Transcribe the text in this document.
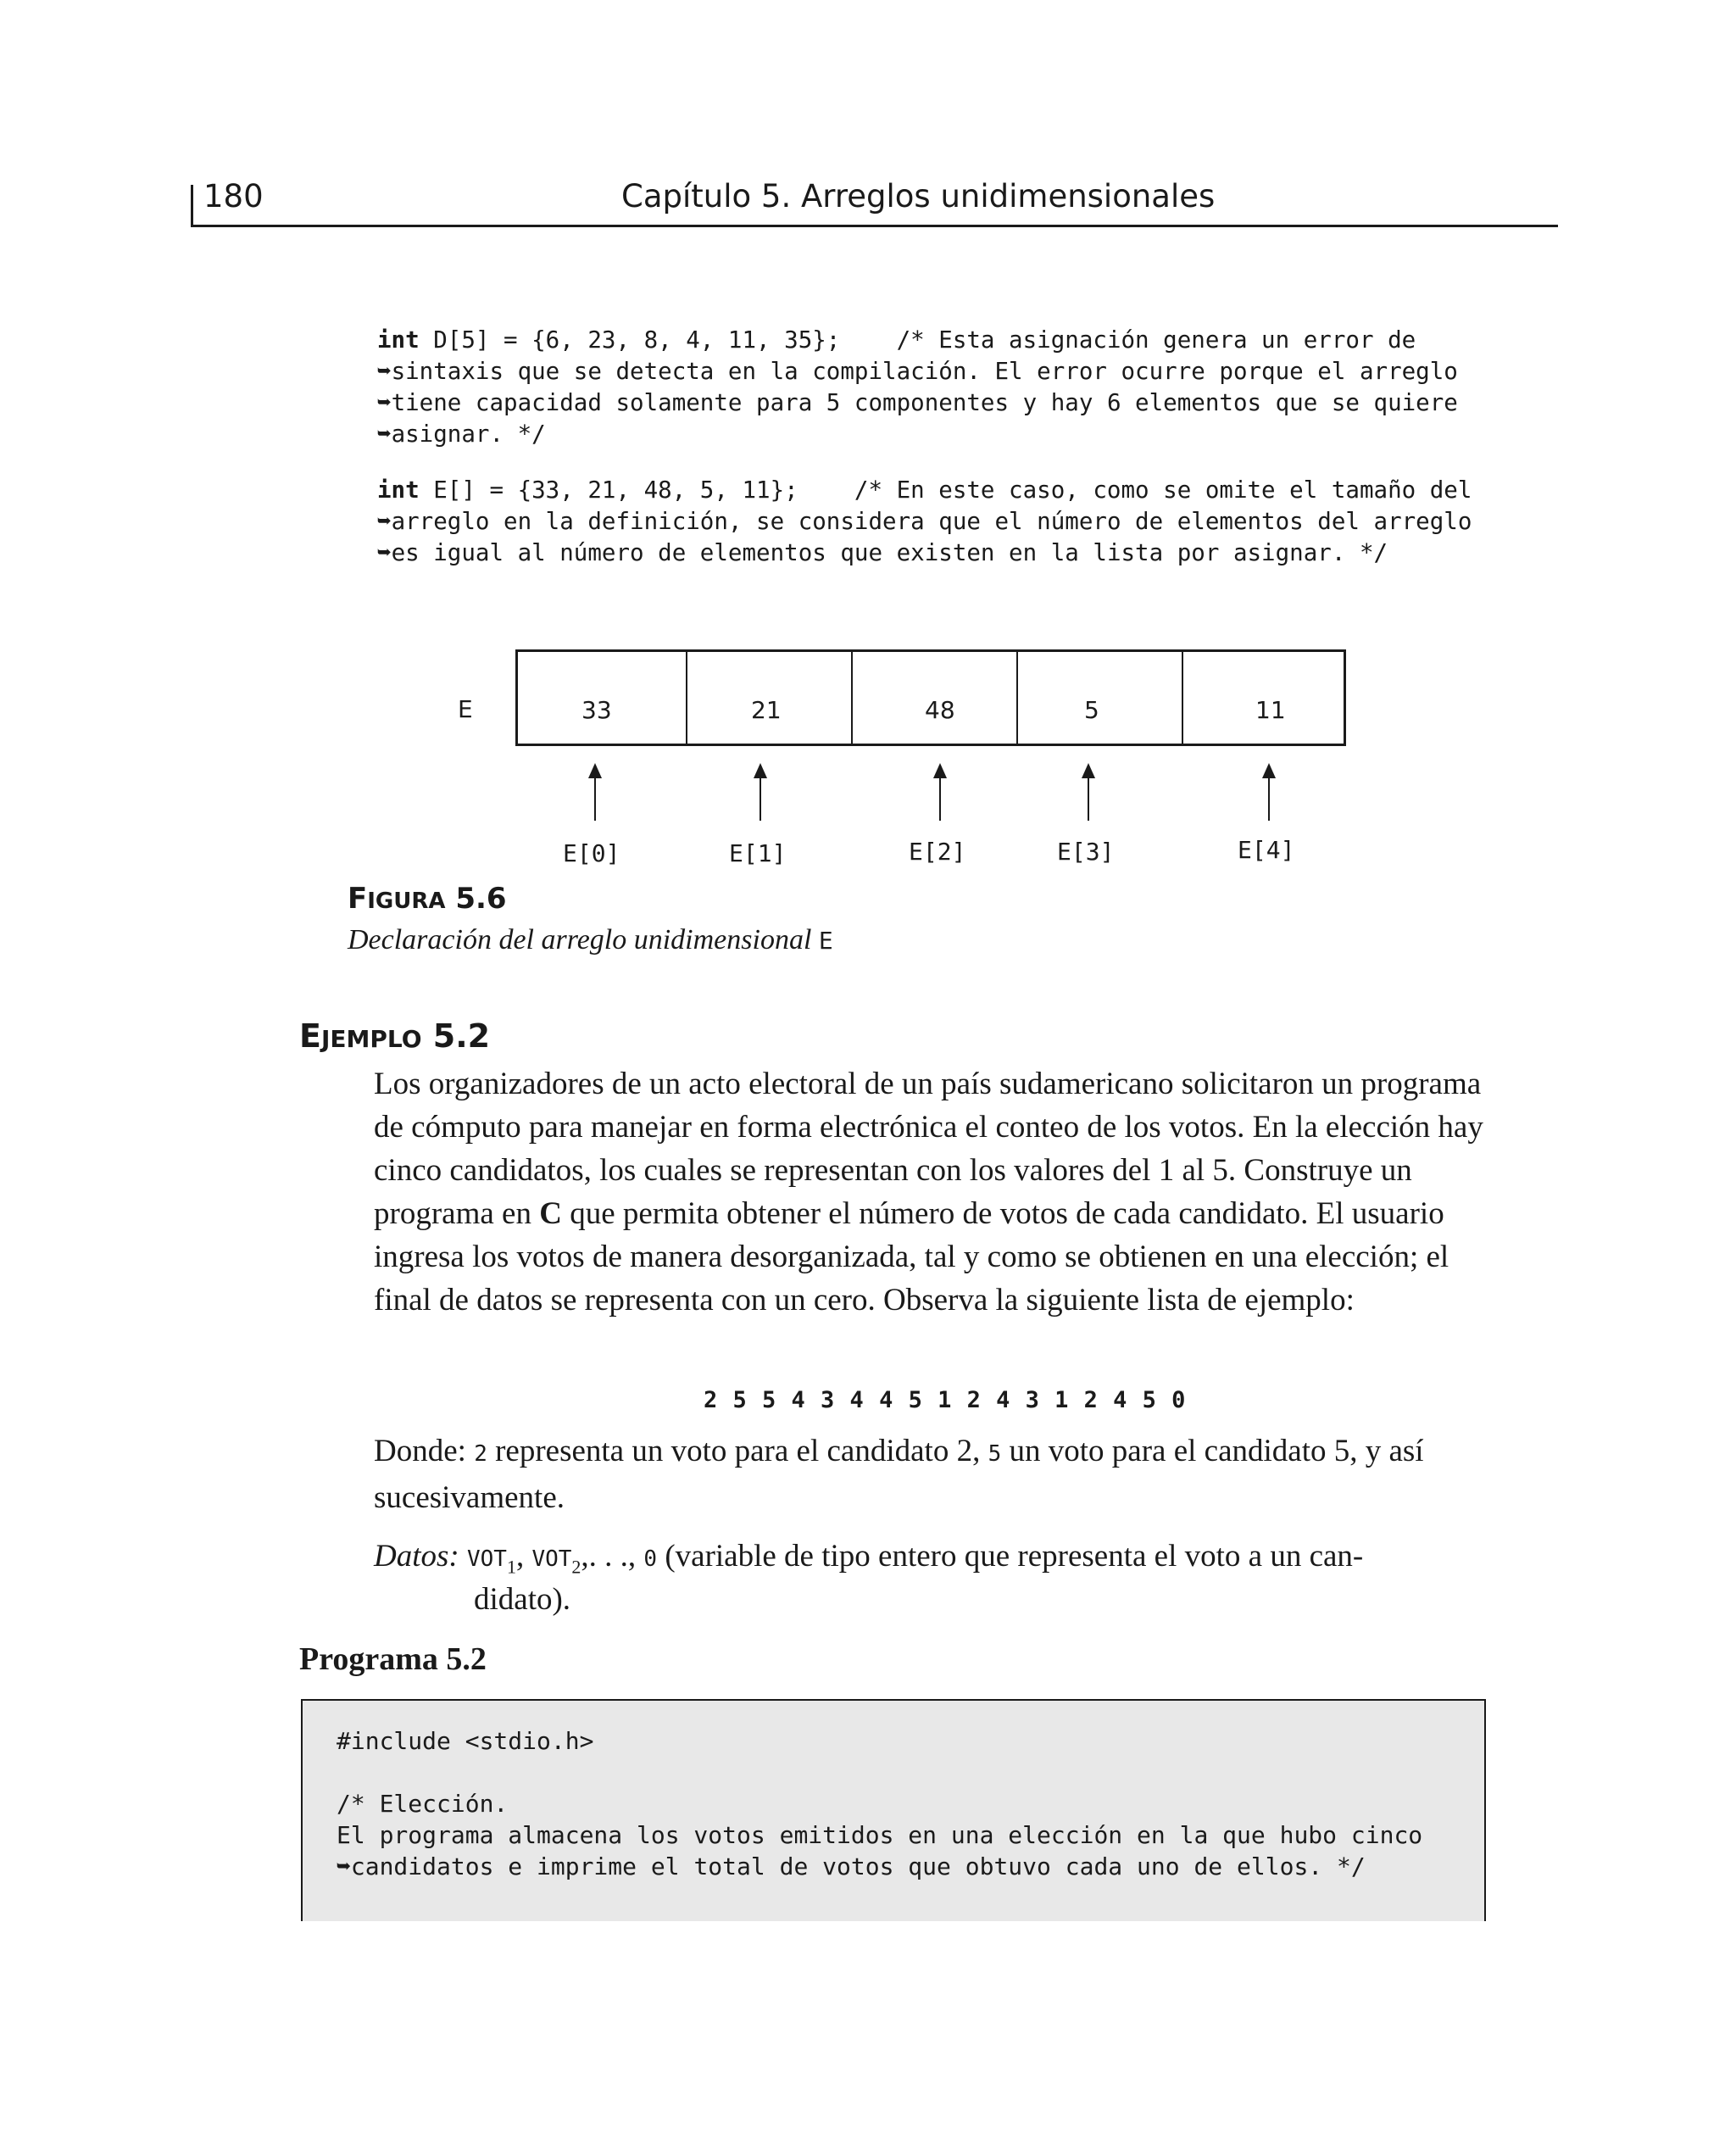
180	Capítulo 5. Arreglos unidimensionales
int D[5] = {6, 23, 8, 4, 11, 35};    /* Esta asignación genera un error de
➥sintaxis que se detecta en la compilación. El error ocurre porque el arreglo
➥tiene capacidad solamente para 5 componentes y hay 6 elementos que se quiere
➥asignar. */
int E[] = {33, 21, 48, 5, 11};    /* En este caso, como se omite el tamaño del
➥arreglo en la definición, se considera que el número de elementos del arreglo
➥es igual al número de elementos que existen en la lista por asignar. */
E	33	21	48	5	11
E[0]	E[1]	E[2]	E[3]	E[4]
FIGURA 5.6
Declaración del arreglo unidimensional E
EJEMPLO 5.2
Los organizadores de un acto electoral de un país sudamericano solicitaron un programa de cómputo para manejar en forma electrónica el conteo de los votos. En la elección hay cinco candidatos, los cuales se representan con los valores del 1 al 5. Construye un programa en C que permita obtener el número de votos de cada candidato. El usuario ingresa los votos de manera desorganizada, tal y como se obtienen en una elección; el final de datos se representa con un cero. Observa la siguiente lista de ejemplo:
2 5 5 4 3 4 4 5 1 2 4 3 1 2 4 5 0
Donde: 2 representa un voto para el candidato 2, 5 un voto para el candidato 5, y así sucesivamente.
Datos: $VOT_1$, $VOT_2$,. . ., 0 (variable de tipo entero que representa el voto a un can-
didato).
Programa 5.2
#include <stdio.h>
/* Elección.
El programa almacena los votos emitidos en una elección en la que hubo cinco
➥candidatos e imprime el total de votos que obtuvo cada uno de ellos. */
